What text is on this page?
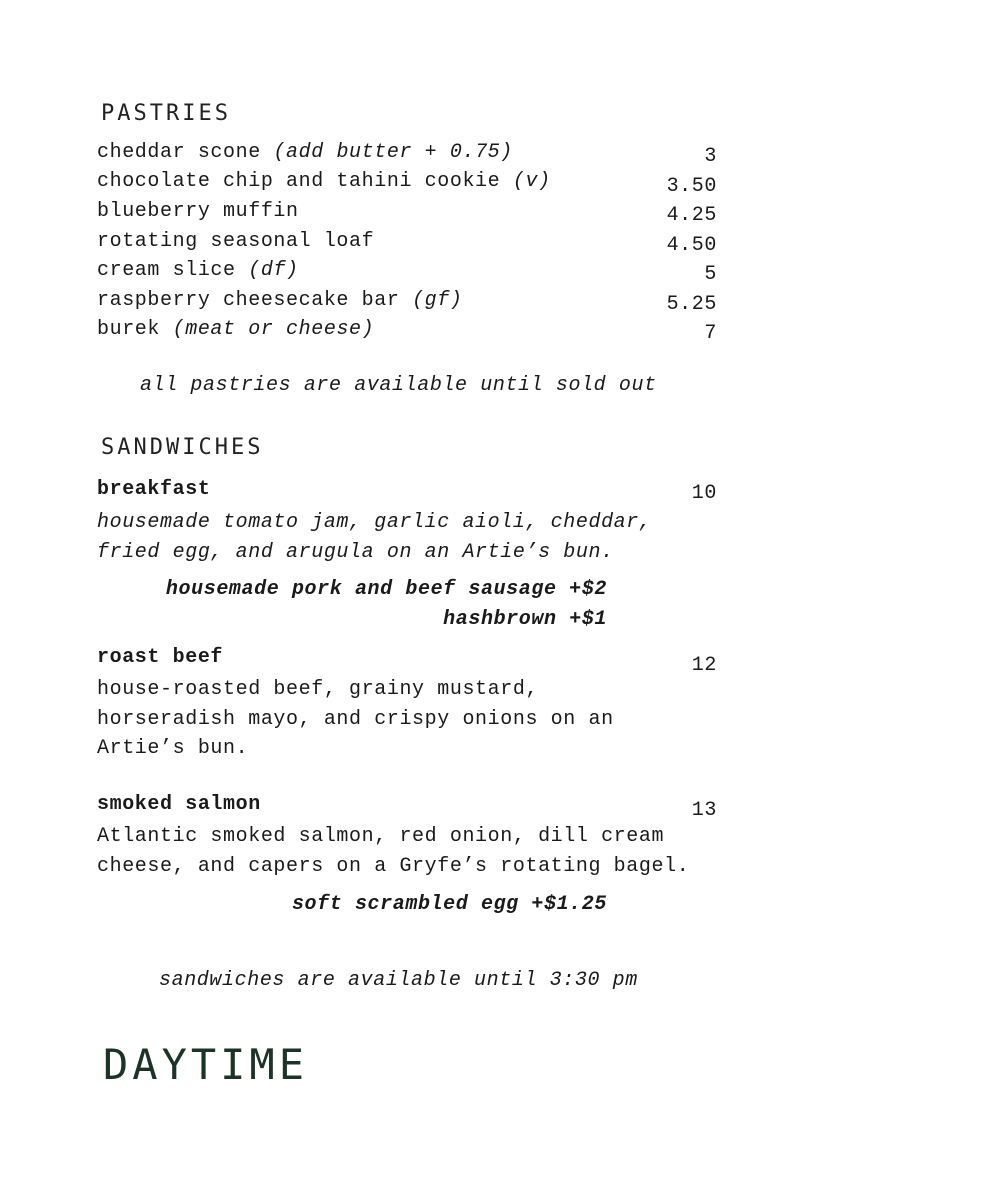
PASTRIES
cheddar scone (add butter + 0.75)	3
chocolate chip and tahini cookie (v)	3.50
blueberry muffin	4.25
rotating seasonal loaf	4.50
cream slice (df)	5
raspberry cheesecake bar (gf)	5.25
burek (meat or cheese)	7
all pastries are available until sold out
SANDWICHES
breakfast	10
housemade tomato jam, garlic aioli, cheddar,
fried egg, and arugula on an Artie’s bun.
housemade pork and beef sausage +$2
hashbrown +$1
roast beef	12
house-roasted beef, grainy mustard,
horseradish mayo, and crispy onions on an
Artie’s bun.
smoked salmon	13
Atlantic smoked salmon, red onion, dill cream
cheese, and capers on a Gryfe’s rotating bagel.
soft scrambled egg +$1.25
sandwiches are available until 3:30 pm
DAYTIME
